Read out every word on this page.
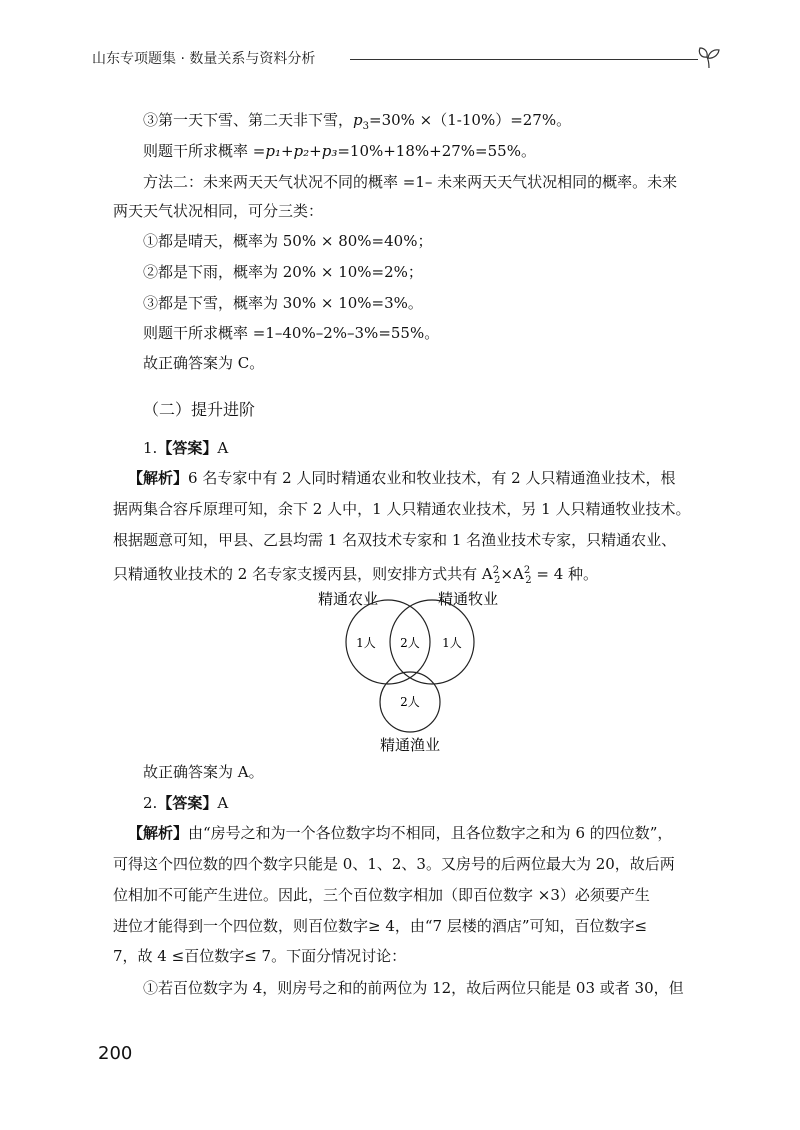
山东专项题集 · 数量关系与资料分析
③第一天下雪、第二天非下雪，$p_3=30\% \times(1-10\%)=27\%$。
则题干所求概率 =p₁+p₂+p₃=10%+18%+27%=55%。
方法二：未来两天天气状况不同的概率 =1– 未来两天天气状况相同的概率。未来
两天天气状况相同，可分三类：
①都是晴天，概率为 50% × 80%=40%；
②都是下雨，概率为 20% × 10%=2%；
③都是下雪，概率为 30% × 10%=3%。
则题干所求概率 =1–40%–2%–3%=55%。
故正确答案为 C。
（二）提升进阶
1.【答案】A
【解析】6 名专家中有 2 人同时精通农业和牧业技术，有 2 人只精通渔业技术，根
据两集合容斥原理可知，余下 2 人中，1 人只精通农业技术，另 1 人只精通牧业技术。
根据题意可知，甲县、乙县均需 1 名双技术专家和 1 名渔业技术专家，只精通农业、
只精通牧业技术的 2 名专家支援丙县，则安排方式共有 $A^2_2\times A^2_2 = 4$ 种。
精通农业	精通牧业
1人 2人 1人
2人
精通渔业
故正确答案为 A。
2.【答案】A
【解析】由“房号之和为一个各位数字均不相同，且各位数字之和为 6 的四位数”，
可得这个四位数的四个数字只能是 0、1、2、3。又房号的后两位最大为 20，故后两
位相加不可能产生进位。因此，三个百位数字相加（即百位数字 ×3）必须要产生
进位才能得到一个四位数，则百位数字≥ 4，由“7 层楼的酒店”可知，百位数字≤
7，故 4 ≤百位数字≤ 7。下面分情况讨论：
①若百位数字为 4，则房号之和的前两位为 12，故后两位只能是 03 或者 30，但
200
